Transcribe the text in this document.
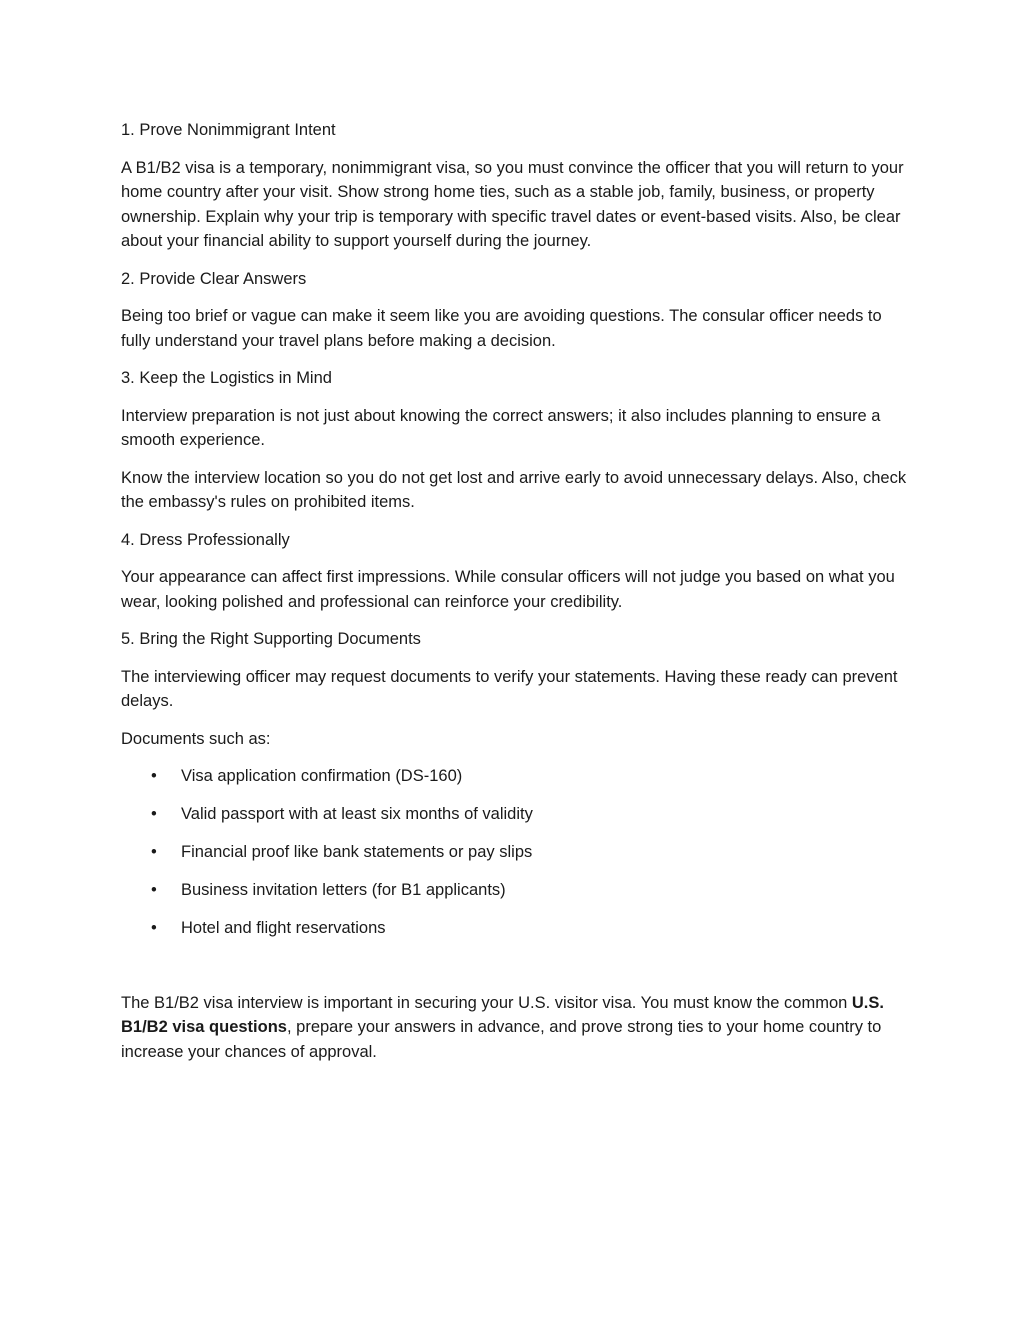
1. Prove Nonimmigrant Intent

A B1/B2 visa is a temporary, nonimmigrant visa, so you must convince the officer that you will return to your home country after your visit. Show strong home ties, such as a stable job, family, business, or property ownership. Explain why your trip is temporary with specific travel dates or event-based visits. Also, be clear about your financial ability to support yourself during the journey.

2. Provide Clear Answers

Being too brief or vague can make it seem like you are avoiding questions. The consular officer needs to fully understand your travel plans before making a decision.

3. Keep the Logistics in Mind

Interview preparation is not just about knowing the correct answers; it also includes planning to ensure a smooth experience.

Know the interview location so you do not get lost and arrive early to avoid unnecessary delays. Also, check the embassy's rules on prohibited items.

4. Dress Professionally

Your appearance can affect first impressions. While consular officers will not judge you based on what you wear, looking polished and professional can reinforce your credibility.

5. Bring the Right Supporting Documents

The interviewing officer may request documents to verify your statements. Having these ready can prevent delays.

Documents such as:

• Visa application confirmation (DS-160)
• Valid passport with at least six months of validity
• Financial proof like bank statements or pay slips
• Business invitation letters (for B1 applicants)
• Hotel and flight reservations

The B1/B2 visa interview is important in securing your U.S. visitor visa. You must know the common U.S. B1/B2 visa questions, prepare your answers in advance, and prove strong ties to your home country to increase your chances of approval.
